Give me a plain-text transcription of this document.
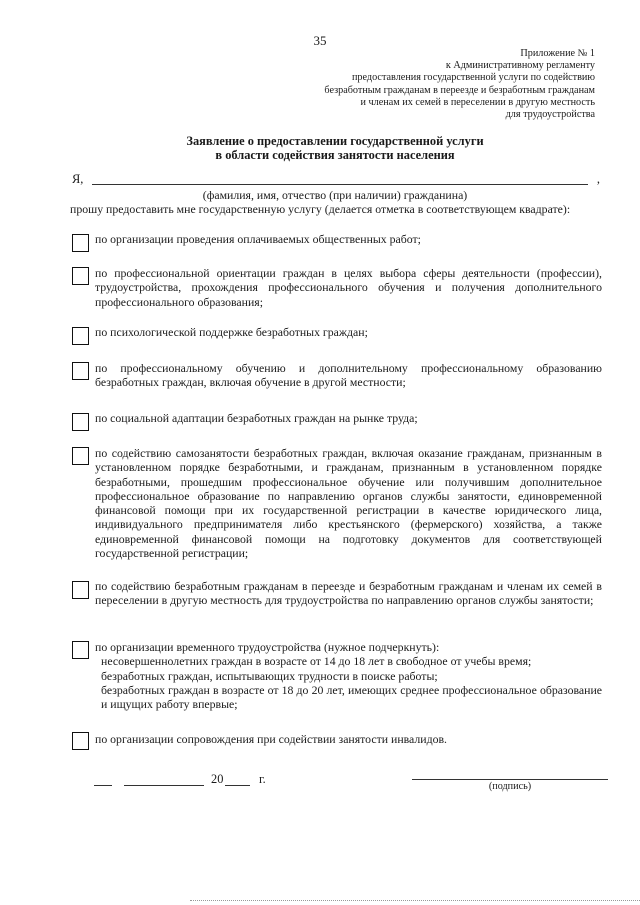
35
Приложение № 1
к Административному регламенту
предоставления государственной услуги по содействию
безработным гражданам в переезде и безработным гражданам
и членам их семей в переселении в другую местность
для трудоустройства
Заявление о предоставлении государственной услуги
в области содействия занятости населения
Я,	,
(фамилия, имя, отчество (при наличии) гражданина)
прошу предоставить мне государственную услугу (делается отметка в соответствующем квадрате):
по организации проведения оплачиваемых общественных работ;
по профессиональной ориентации граждан в целях выбора сферы деятельности (профессии), трудоустройства, прохождения профессионального обучения и получения дополнительного профессионального образования;
по психологической поддержке безработных граждан;
по профессиональному обучению и дополнительному профессиональному образованию безработных граждан, включая обучение в другой местности;
по социальной адаптации безработных граждан на рынке труда;
по содействию самозанятости безработных граждан, включая оказание гражданам, признанным в установленном порядке безработными, и гражданам, признанным в установленном порядке безработными, прошедшим профессиональное обучение или получившим дополнительное профессиональное образование по направлению органов службы занятости, единовременной финансовой помощи при их государственной регистрации в качестве юридического лица, индивидуального предпринимателя либо крестьянского (фермерского) хозяйства, а также единовременной финансовой помощи на подготовку документов для соответствующей государственной регистрации;
по содействию безработным гражданам в переезде и безработным гражданам и членам их семей в переселении в другую местность для трудоустройства по направлению органов службы занятости;
по организации временного трудоустройства (нужное подчеркнуть):
несовершеннолетних граждан в возрасте от 14 до 18 лет в свободное от учебы время;
безработных граждан, испытывающих трудности в поиске работы;
безработных граждан в возрасте от 18 до 20 лет, имеющих среднее профессиональное образование и ищущих работу впервые;
по организации сопровождения при содействии занятости инвалидов.
20	г.
(подпись)
